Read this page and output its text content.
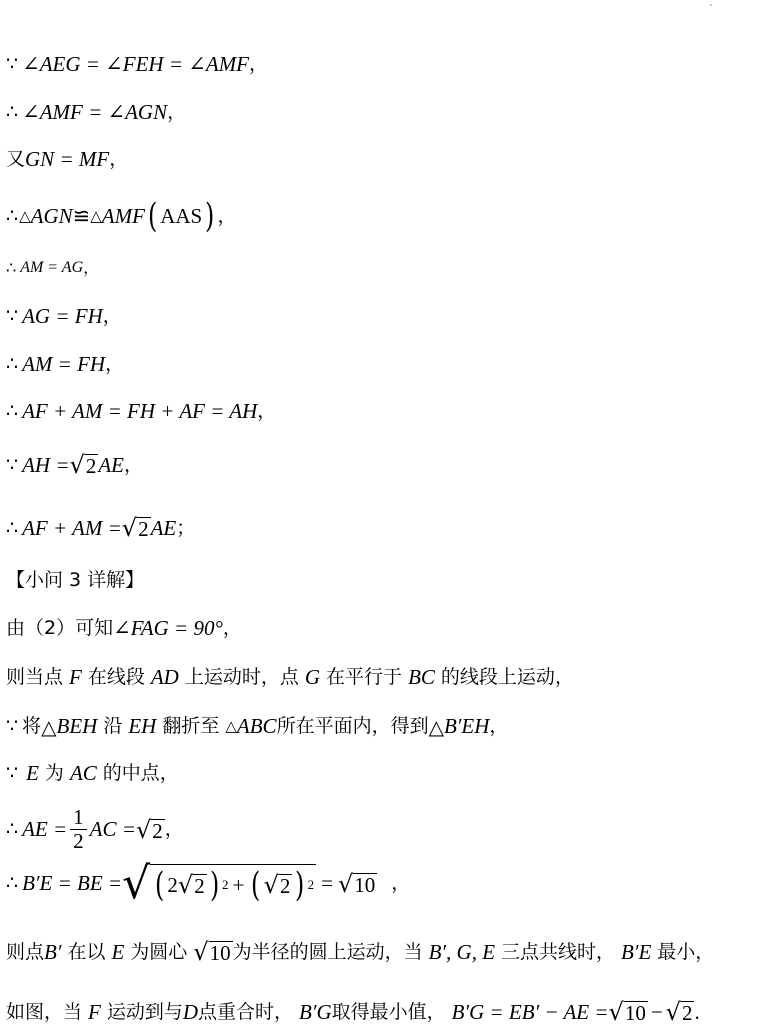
∵ ∠AEG = ∠FEH = ∠AMF ，
∴ ∠AMF = ∠AGN ，
又 GN = MF ，
∴ △ AGN ≌ △ AMF ( AAS ) ，
∴ AM = AG ，
∵ AG = FH ，
∴ AM = FH ，
∴ AF + AM = FH + AF = AH ，
∵ AH = √ 2 AE ，
∴ AF + AM = √ 2 AE ；
【小问 3 详解】
由（2）可知 ∠FAG = 90° ，
则当点 F 在线段 AD 上运动时，点 G 在平行于 BC 的线段上运动，
∵ 将 △ BEH 沿 EH 翻折至 △ ABC 所在平面内，得到 △ B′EH ，
∵ E 为 AC 的中点，
∴ AE = $\frac{1}{2}$ AC = √ 2 ，
∴ B′E = BE = √ ( 2 √ 2 ) 2 + ( √ 2 ) 2 = √ 10 ，
则点 B′ 在以 E 为圆心 √ 10 为半径的圆上运动，当 B′, G, E 三点共线时， B′E 最小，
如图，当 F 运动到与 D 点重合时， B′G 取得最小值， B′G = EB′ − AE = √ 10 − √ 2 .
